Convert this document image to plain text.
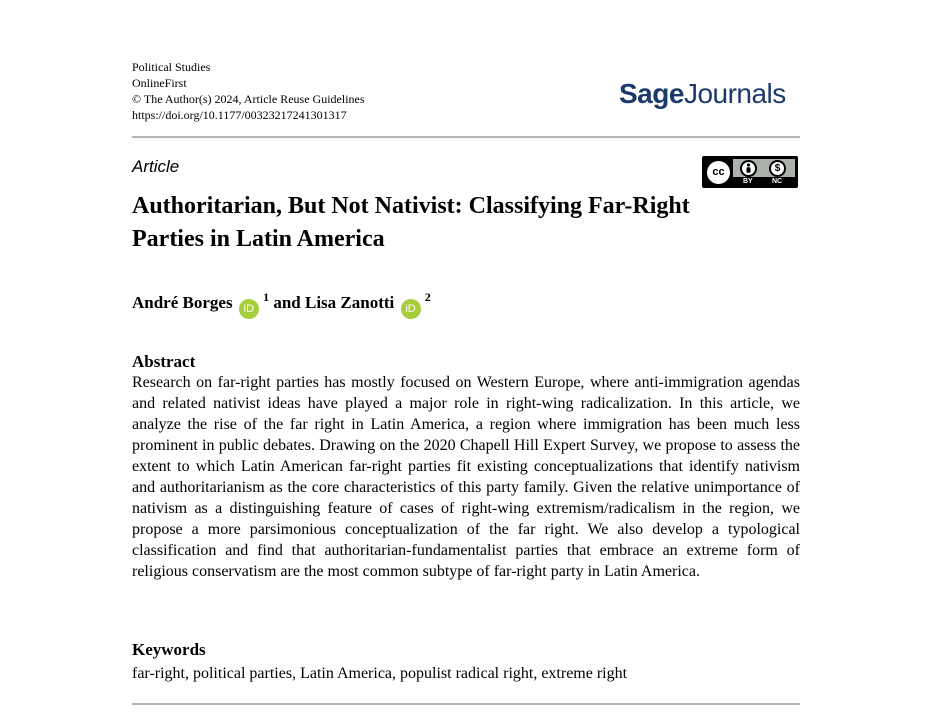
Political Studies
OnlineFirst
© The Author(s) 2024, Article Reuse Guidelines
https://doi.org/10.1177/00323217241301317
SageJournals
Article	cc	$
BY	NC
Authoritarian, But Not Nativist: Classifying Far-Right Parties in Latin America
André Borges iD $^1$ and Lisa Zanotti iD $^2$
Abstract
Research on far-right parties has mostly focused on Western Europe, where anti-immigration agendas and related nativist ideas have played a major role in right-wing radicalization. In this article, we analyze the rise of the far right in Latin America, a region where immigration has been much less prominent in public debates. Drawing on the 2020 Chapell Hill Expert Survey, we propose to assess the extent to which Latin American far-right parties fit existing conceptualizations that identify nativism and authoritarianism as the core characteristics of this party family. Given the relative unimportance of nativism as a distinguishing feature of cases of right-wing extremism/radicalism in the region, we propose a more parsimonious conceptualization of the far right. We also develop a typological classification and find that authoritarian-fundamentalist parties that embrace an extreme form of religious conservatism are the most common subtype of far-right party in Latin America.
Keywords
far-right, political parties, Latin America, populist radical right, extreme right
